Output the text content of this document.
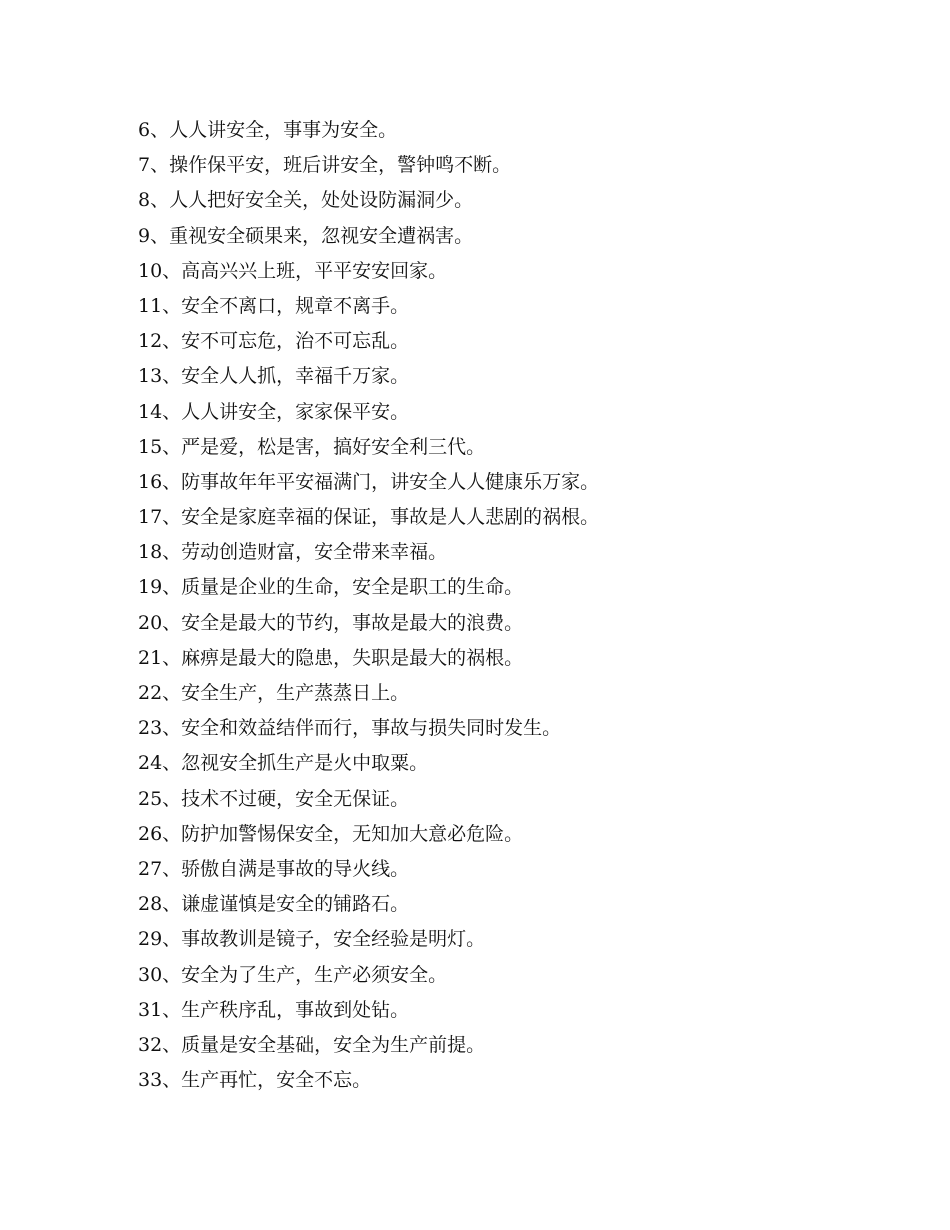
6、人人讲安全，事事为安全。
7、操作保平安，班后讲安全，警钟鸣不断。
8、人人把好安全关，处处设防漏洞少。
9、重视安全硕果来，忽视安全遭祸害。
10、高高兴兴上班，平平安安回家。
11、安全不离口，规章不离手。
12、安不可忘危，治不可忘乱。
13、安全人人抓，幸福千万家。
14、人人讲安全，家家保平安。
15、严是爱，松是害，搞好安全利三代。
16、防事故年年平安福满门，讲安全人人健康乐万家。
17、安全是家庭幸福的保证，事故是人人悲剧的祸根。
18、劳动创造财富，安全带来幸福。
19、质量是企业的生命，安全是职工的生命。
20、安全是最大的节约，事故是最大的浪费。
21、麻痹是最大的隐患，失职是最大的祸根。
22、安全生产，生产蒸蒸日上。
23、安全和效益结伴而行，事故与损失同时发生。
24、忽视安全抓生产是火中取粟。
25、技术不过硬，安全无保证。
26、防护加警惕保安全，无知加大意必危险。
27、骄傲自满是事故的导火线。
28、谦虚谨慎是安全的铺路石。
29、事故教训是镜子，安全经验是明灯。
30、安全为了生产，生产必须安全。
31、生产秩序乱，事故到处钻。
32、质量是安全基础，安全为生产前提。
33、生产再忙，安全不忘。
